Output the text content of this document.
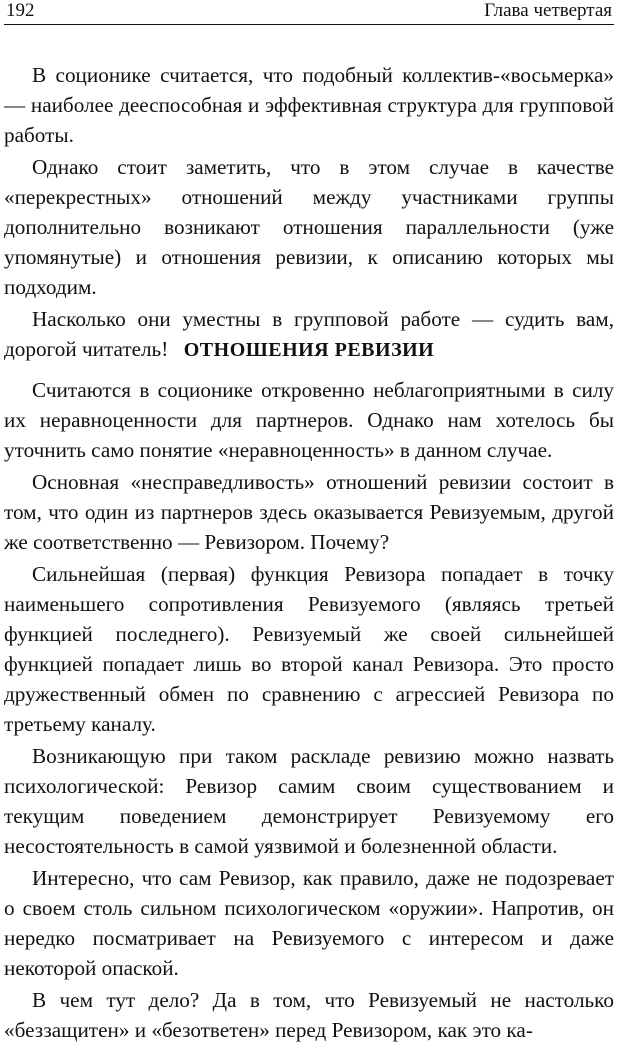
192	Глава четвертая

В соционике считается, что подобный коллектив-«восьмерка» — наиболее дееспособная и эффективная структура для групповой работы.

Однако стоит заметить, что в этом случае в качестве «перекрестных» отношений между участниками группы дополнительно возникают отношения параллельности (уже упомянутые) и отношения ревизии, к описанию которых мы подходим.

Насколько они уместны в групповой работе — судить вам, дорогой читатель! ОТНОШЕНИЯ РЕВИЗИИ

Считаются в соционике откровенно неблагоприятными в силу их неравноценности для партнеров. Однако нам хотелось бы уточнить само понятие «неравноценность» в данном случае.

Основная «несправедливость» отношений ревизии состоит в том, что один из партнеров здесь оказывается Ревизуемым, другой же соответственно — Ревизором. Почему?

Сильнейшая (первая) функция Ревизора попадает в точку наименьшего сопротивления Ревизуемого (являясь третьей функцией последнего). Ревизуемый же своей сильнейшей функцией попадает лишь во второй канал Ревизора. Это просто дружественный обмен по сравнению с агрессией Ревизора по третьему каналу.

Возникающую при таком раскладе ревизию можно назвать психологической: Ревизор самим своим существованием и текущим поведением демонстрирует Ревизуемому его несостоятельность в самой уязвимой и болезненной области.

Интересно, что сам Ревизор, как правило, даже не подозревает о своем столь сильном психологическом «оружии». Напротив, он нередко посматривает на Ревизуемого с интересом и даже некоторой опаской.

В чем тут дело? Да в том, что Ревизуемый не настолько «беззащитен» и «безответен» перед Ревизором, как это ка-
